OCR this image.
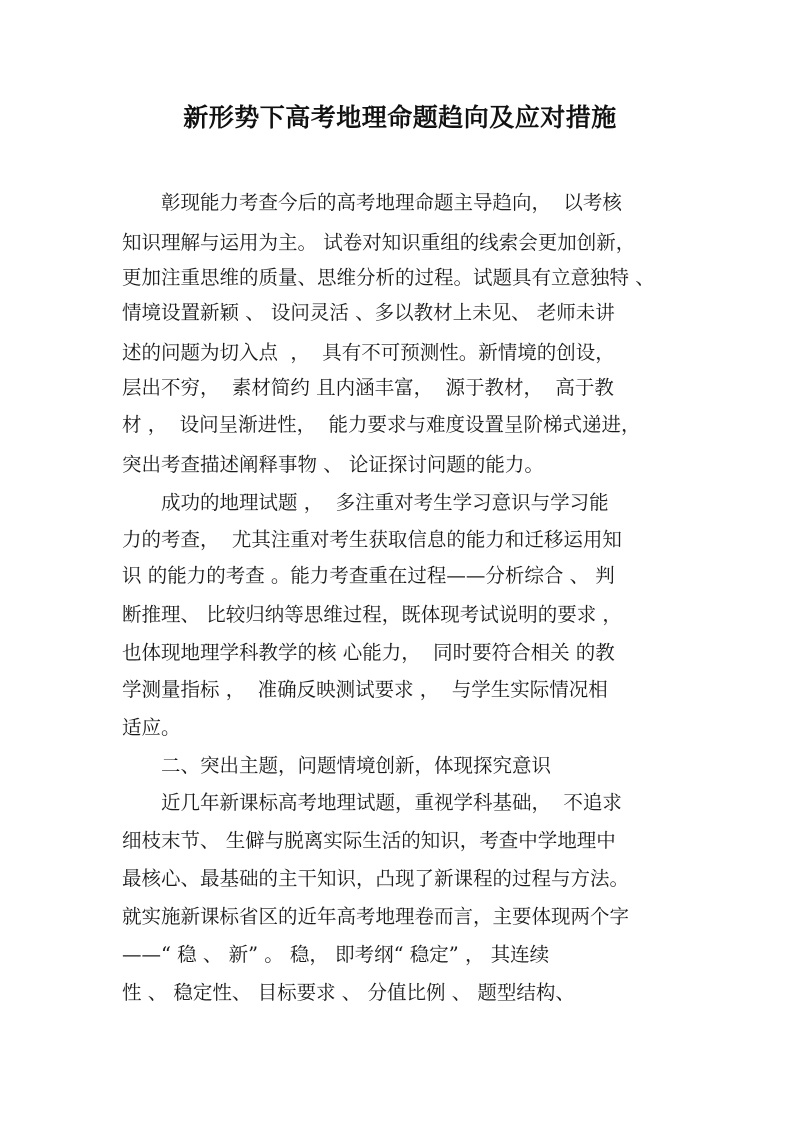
新形势下高考地理命题趋向及应对措施
　　彰现能力考查今后的高考地理命题主导趋向，  以考核
知识理解与运用为主。 试卷对知识重组的线索会更加创新，
更加注重思维的质量、思维分析的过程。试题具有立意独特 、
情境设置新颖 、 设问灵活 、多以教材上未见、 老师未讲
述的问题为切入点  ，  具有不可预测性。新情境的创设，
层出不穷，  素材简约 且内涵丰富，  源于教材，  高于教
材 ，  设问呈渐进性，  能力要求与难度设置呈阶梯式递进，
突出考查描述阐释事物 、 论证探讨问题的能力。
　　成功的地理试题 ，  多注重对考生学习意识与学习能
力的考查，  尤其注重对考生获取信息的能力和迁移运用知
识 的能力的考查 。能力考查重在过程——分析综合 、 判
断推理、 比较归纳等思维过程，既体现考试说明的要求 ，
也体现地理学科教学的核 心能力，  同时要符合相关 的教
学测量指标 ，  准确反映测试要求 ，  与学生实际情况相
适应。
　　二、突出主题，问题情境创新，体现探究意识
　　近几年新课标高考地理试题，重视学科基础，  不追求
细枝末节、 生僻与脱离实际生活的知识，考查中学地理中
最核心、最基础的主干知识，凸现了新课程的过程与方法。
就实施新课标省区的近年高考地理卷而言，主要体现两个字
——“ 稳 、 新” 。 稳， 即考纲“ 稳定” ， 其连续
性 、 稳定性、 目标要求 、 分值比例 、 题型结构、
